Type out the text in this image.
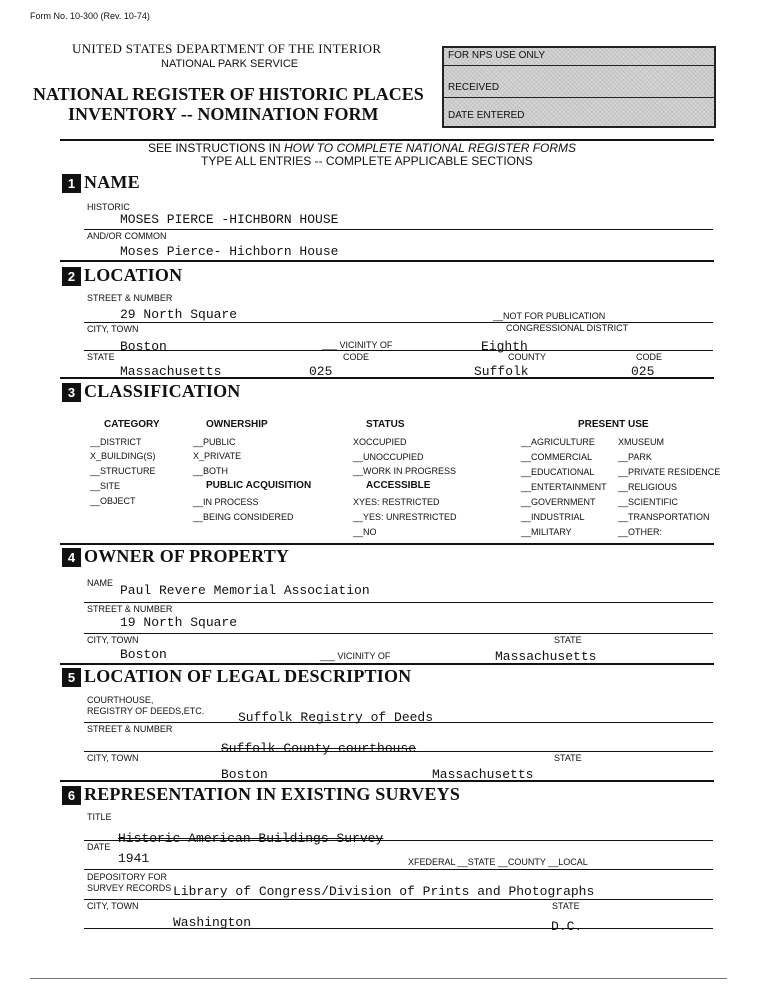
Form No. 10-300 (Rev. 10-74)
UNITED STATES DEPARTMENT OF THE INTERIOR
NATIONAL PARK SERVICE
NATIONAL REGISTER OF HISTORIC PLACES
INVENTORY -- NOMINATION FORM
FOR NPS USE ONLY
RECEIVED
DATE ENTERED
SEE INSTRUCTIONS IN HOW TO COMPLETE NATIONAL REGISTER FORMS
TYPE ALL ENTRIES -- COMPLETE APPLICABLE SECTIONS
1 NAME
HISTORIC
MOSES PIERCE -HICHBORN HOUSE
AND/OR COMMON
Moses Pierce- Hichborn House
2 LOCATION
STREET & NUMBER
29 North Square	__NOT FOR PUBLICATION
CITY, TOWN	CONGRESSIONAL DISTRICT
Boston	___ VICINITY OF	Eighth
STATE	CODE	COUNTY	CODE
Massachusetts	025	Suffolk	025
3 CLASSIFICATION
CATEGORY
__DISTRICT
X_BUILDING(S)
__STRUCTURE
__SITE
__OBJECT
OWNERSHIP
__PUBLIC
X_PRIVATE
__BOTH
PUBLIC ACQUISITION
__IN PROCESS
__BEING CONSIDERED
STATUS
XOCCUPIED
__UNOCCUPIED
__WORK IN PROGRESS
ACCESSIBLE
XYES: RESTRICTED
__YES: UNRESTRICTED
__NO
PRESENT USE
__AGRICULTURE
__COMMERCIAL
__EDUCATIONAL
__ENTERTAINMENT
__GOVERNMENT
__INDUSTRIAL
__MILITARY
XMUSEUM
__PARK
__PRIVATE RESIDENCE
__RELIGIOUS
__SCIENTIFIC
__TRANSPORTATION
__OTHER:
4 OWNER OF PROPERTY
NAME Paul Revere Memorial Association
STREET & NUMBER
19 North Square
CITY, TOWN	STATE
Boston	___ VICINITY OF	Massachusetts
5 LOCATION OF LEGAL DESCRIPTION
COURTHOUSE,
REGISTRY OF DEEDS,ETC.	Suffolk Registry of Deeds
STREET & NUMBER
Suffolk County courthouse
CITY, TOWN	STATE
Boston	Massachusetts
6 REPRESENTATION IN EXISTING SURVEYS
TITLE
Historic American Buildings Survey
DATE
1941	XFEDERAL __STATE __COUNTY __LOCAL
DEPOSITORY FOR
SURVEY RECORDS Library of Congress/Division of Prints and Photographs
CITY, TOWN	STATE
Washington	D.C.
